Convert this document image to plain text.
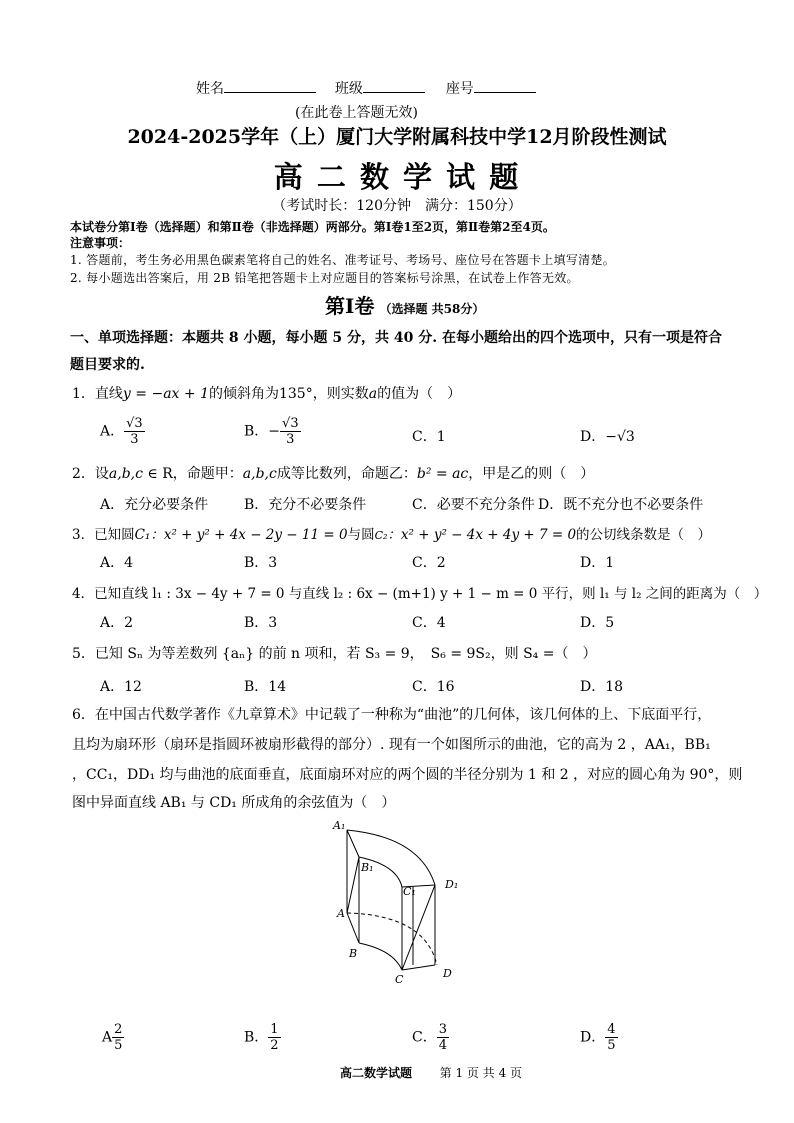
姓名	班级	座号
(在此卷上答题无效)
2024-2025学年（上）厦门大学附属科技中学12月阶段性测试
高 二 数 学 试 题
（考试时长：120分钟　满分：150分）
本试卷分第Ⅰ卷（选择题）和第Ⅱ卷（非选择题）两部分。第Ⅰ卷1至2页，第Ⅱ卷第2至4页。
注意事项：
1. 答题前，考生务必用黑色碳素笔将自己的姓名、准考证号、考场号、座位号在答题卡上填写清楚。
2. 每小题选出答案后，用 2B 铅笔把答题卡上对应题目的答案标号涂黑，在试卷上作答无效。
第Ⅰ卷 （选择题 共58分）
一、单项选择题：本题共 8 小题，每小题 5 分，共 40 分. 在每小题给出的四个选项中，只有一项是符合
题目要求的.
1．直线y = −ax + 1的倾斜角为135°，则实数a的值为（　）
A． $\frac{√3}{3}$	B．− $\frac{√3}{3}$	C．1	D．−√3
2．设a,b,c ∈ R，命题甲：a,b,c成等比数列，命题乙：b² = ac，甲是乙的则（　）
A．充分必要条件	B．充分不必要条件	C．必要不充分条件 D．既不充分也不必要条件
3．已知圆C₁：x² + y² + 4x − 2y − 11 = 0与圆C₂：x² + y² − 4x + 4y + 7 = 0的公切线条数是（　）
A．4	B．3	C．2	D．1
4．已知直线 l₁ : 3x − 4y + 7 = 0 与直线 l₂ : 6x − (m+1) y + 1 − m = 0 平行，则 l₁ 与 l₂ 之间的距离为（　）
A．2	B．3	C．4	D．5
5．已知 Sₙ 为等差数列 {aₙ} 的前 n 项和，若 S₃ = 9，　S₆ = 9S₂，则 S₄ =（　）
A．12	B．14	C．16	D．18
6．在中国古代数学著作《九章算术》中记载了一种称为“曲池”的几何体，该几何体的上、下底面平行，
且均为扇环形（扇环是指圆环被扇形截得的部分）. 现有一个如图所示的曲池，它的高为 2 ，AA₁，BB₁
，CC₁，DD₁ 均与曲池的底面垂直，底面扇环对应的两个圆的半径分别为 1 和 2 ，对应的圆心角为 90°，则
图中异面直线 AB₁ 与 CD₁ 所成角的余弦值为（　）
A₁
B₁
C₁
D₁
A
B
C	D
A $\frac{2}{5}$	B． $\frac{1}{2}$	C． $\frac{3}{4}$	D． $\frac{4}{5}$
高二数学试题 第 1 页 共 4 页
